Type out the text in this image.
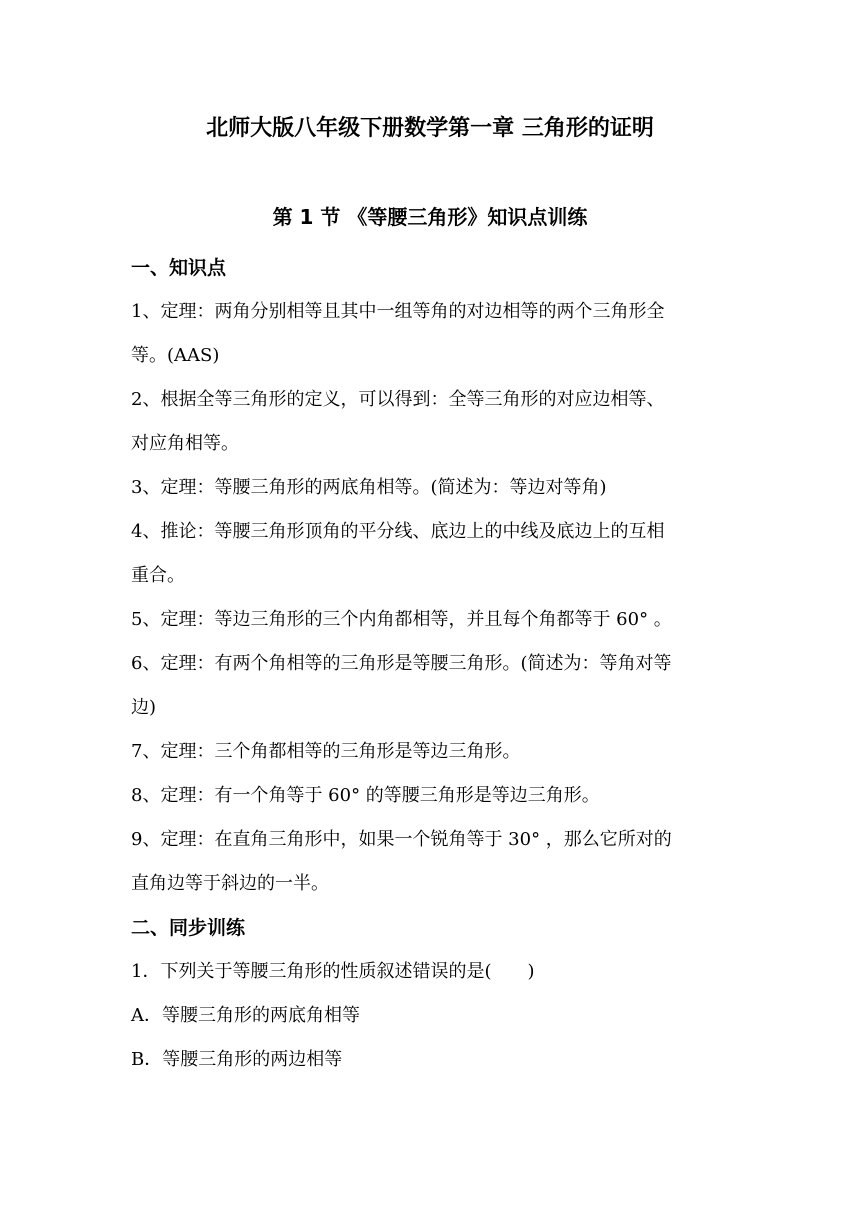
北师大版八年级下册数学第一章 三角形的证明
第 1 节 《等腰三角形》知识点训练
一、知识点
1、定理：两角分别相等且其中一组等角的对边相等的两个三角形全
等。(AAS)
2、根据全等三角形的定义，可以得到：全等三角形的对应边相等、
对应角相等。
3、定理：等腰三角形的两底角相等。(简述为：等边对等角)
4、推论：等腰三角形顶角的平分线、底边上的中线及底边上的互相
重合。
5、定理：等边三角形的三个内角都相等，并且每个角都等于 60° 。
6、定理：有两个角相等的三角形是等腰三角形。(简述为：等角对等
边)
7、定理：三个角都相等的三角形是等边三角形。
8、定理：有一个角等于 60° 的等腰三角形是等边三角形。
9、定理：在直角三角形中，如果一个锐角等于 30° ，那么它所对的
直角边等于斜边的一半。
二、同步训练
1．下列关于等腰三角形的性质叙述错误的是(　　)
A．等腰三角形的两底角相等
B．等腰三角形的两边相等
